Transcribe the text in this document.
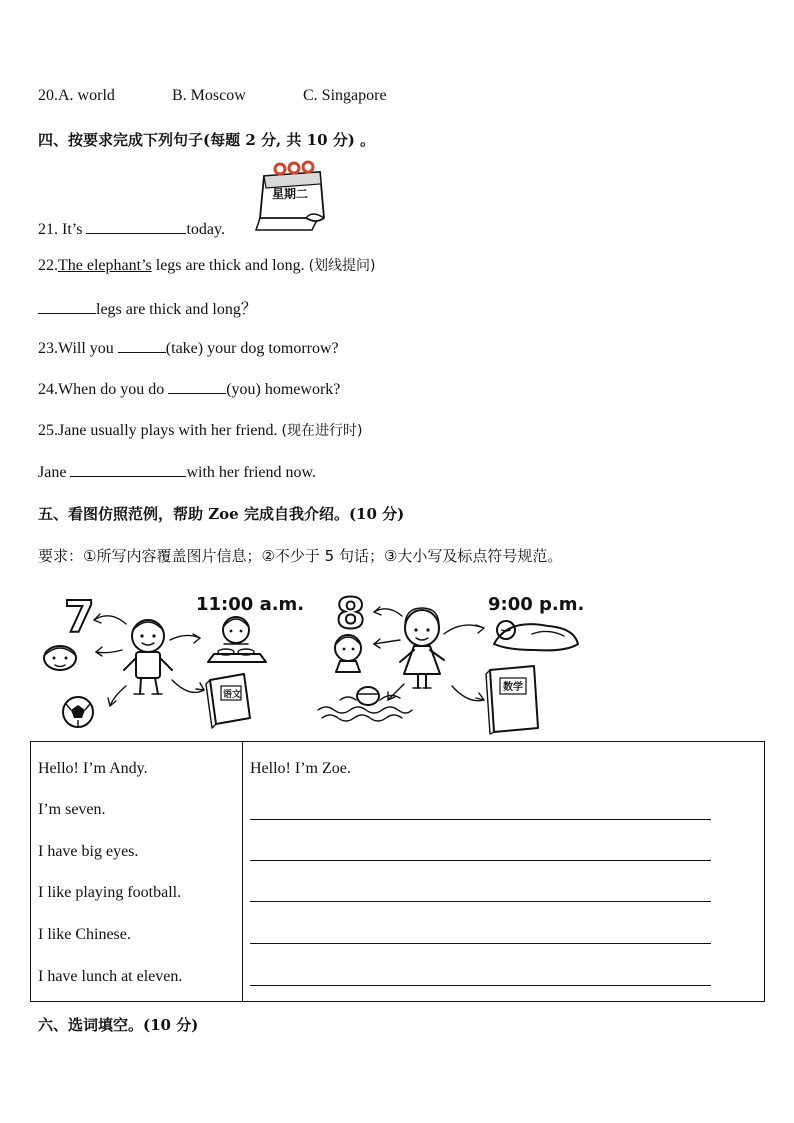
20.A. world	B. Moscow	C. Singapore
四、按要求完成下列句子(每题 2 分, 共 10 分) 。
星期二
21. It’s	today.
22.The elephant’s legs are thick and long. (划线提问)
legs are thick and long？
23.Will you	(take) your dog tomorrow?
24.When do you do	(you) homework?
25.Jane usually plays with her friend. (现在进行时)
Jane	with her friend now.
五、看图仿照范例，帮助 Zoe 完成自我介绍。(10 分)
要求：①所写内容覆盖图片信息；②不少于 5 句话；③大小写及标点符号规范。
7	11:00 a.m.
语文
8	9:00 p.m.
数学

Hello! I’m Andy.
I’m seven.
I have big eyes.
I like playing football.
I like Chinese.
I have lunch at eleven.
Hello! I’m Zoe.
六、选词填空。(10 分)
